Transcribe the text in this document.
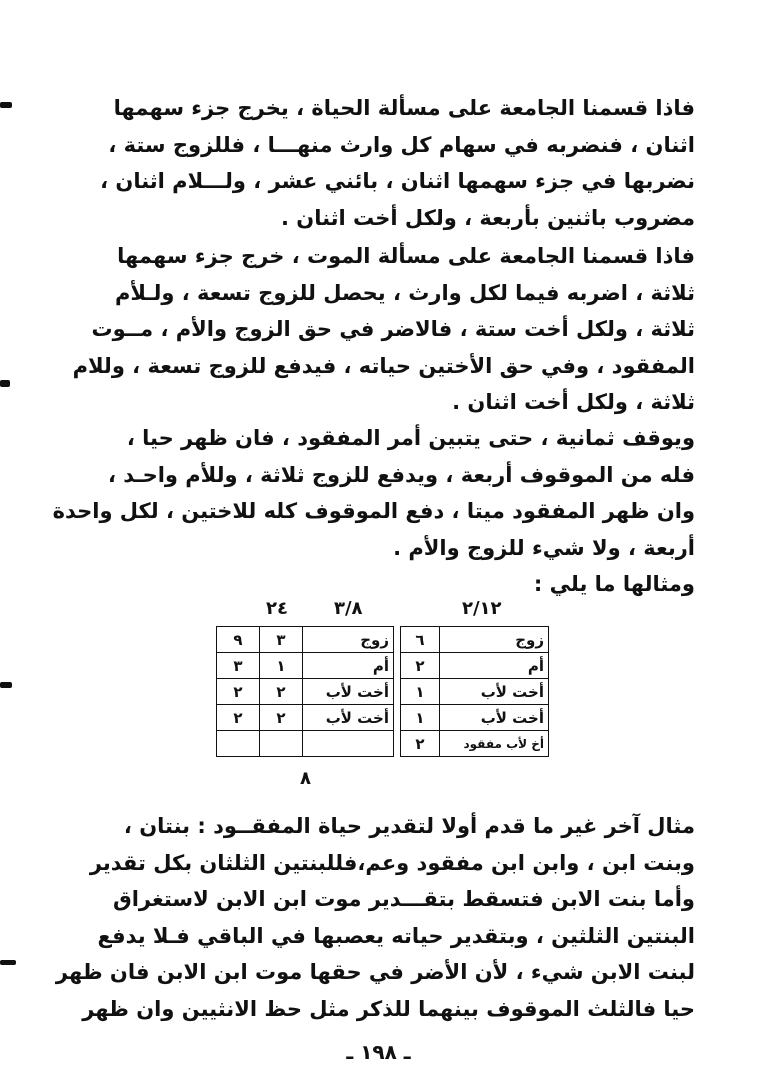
فاذا قسمنا الجامعة على مسألة الحياة ، يخرج جزء سهمها
اثنان ، فنضربه في سهام كل وارث منهـــا ، فللزوج ستة ،
نضربها في جزء سهمها اثنان ، بائني عشر ، ولـــلام اثنان ،
مضروب باثنين بأربعة ، ولكل أخت اثنان .

فاذا قسمنا الجامعة على مسألة الموت ، خرج جزء سهمها
ثلاثة ، اضربه فيما لكل وارث ، يحصل للزوج تسعة ، ولـلأم
ثلاثة ، ولكل أخت ستة ، فالاضر في حق الزوج والأم ، مــوت
المفقود ، وفي حق الأختين حياته ، فيدفع للزوج تسعة ، وللام
ثلاثة ، ولكل أخت اثنان .

ويوقف ثمانية ، حتى يتبين أمر المفقود ، فان ظهر حيا ،
فله من الموقوف أربعة ، ويدفع للزوج ثلاثة ، وللأم واحـد ،
وان ظهر المفقود ميتا ، دفع الموقوف كله للاختين ، لكل واحدة
أربعة ، ولا شيء للزوج والأم .
ومثالها ما يلي :

٢/١٢
٣/٨
٢٤
زوج	٦		زوج	٣	٩
أم	٢		أم	١	٣
أخت لأب	١		أخت لأب	٢	٢
أخت لأب	١		أخت لأب	٢	٢
أخ لأب مفقود	٢				
٨

مثال آخر غير ما قدم أولا لتقدير حياة المفقــود : بنتان ،
وبنت ابن ، وابن ابن مفقود وعم،فللبنتين الثلثان بكل تقدير
وأما بنت الابن فتسقط بتقـــدير موت ابن الابن لاستغراق
البنتين الثلثين ، وبتقدير حياته يعصبها في الباقي فـلا يدفع
لبنت الابن شيء ، لأن الأضر في حقها موت ابن الابن فان ظهر
حيا فالثلث الموقوف بينهما للذكر مثل حظ الانثيين وان ظهر

ـ ١٩٨ ـ
